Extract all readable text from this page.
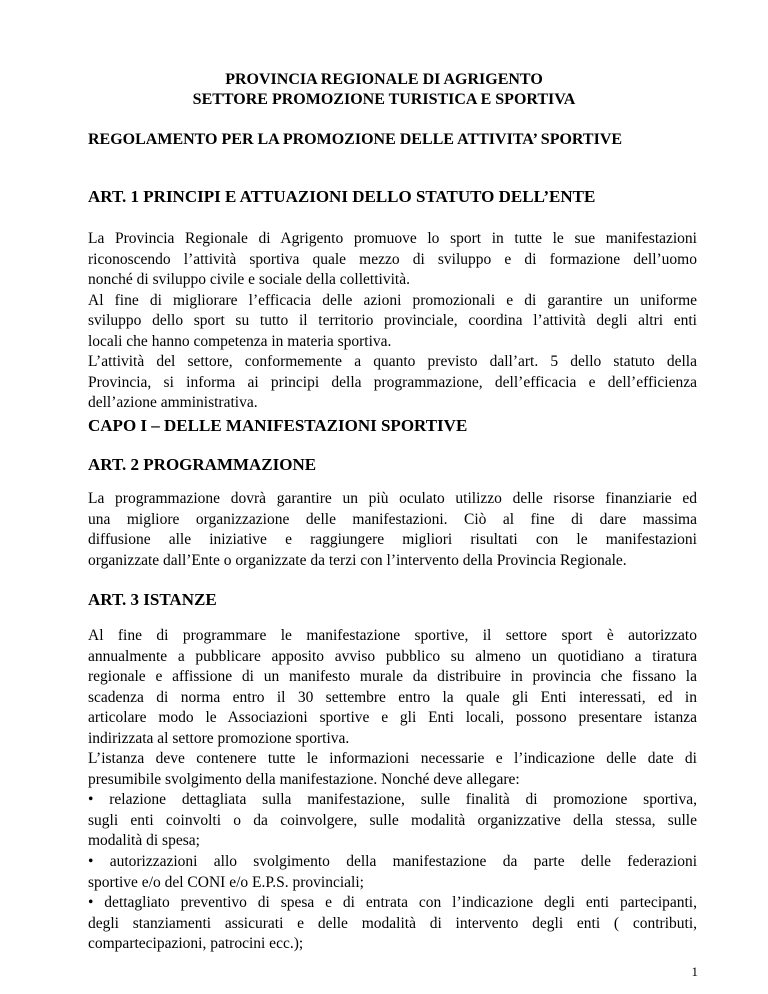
PROVINCIA REGIONALE DI AGRIGENTO
SETTORE PROMOZIONE TURISTICA E SPORTIVA
REGOLAMENTO PER LA PROMOZIONE DELLE ATTIVITA’ SPORTIVE
ART. 1 PRINCIPI E ATTUAZIONI DELLO STATUTO DELL’ENTE
La Provincia Regionale di Agrigento promuove lo sport in tutte le sue manifestazioni
riconoscendo l’attività sportiva quale mezzo di sviluppo e di formazione dell’uomo
nonché di sviluppo civile e sociale della collettività.
Al fine di migliorare l’efficacia delle azioni promozionali e di garantire un uniforme
sviluppo dello sport su tutto il territorio provinciale, coordina l’attività degli altri enti
locali che hanno competenza in materia sportiva.
L’attività del settore, conformemente a quanto previsto dall’art. 5 dello statuto della
Provincia, si informa ai principi della programmazione, dell’efficacia e dell’efficienza
dell’azione amministrativa.
CAPO I – DELLE MANIFESTAZIONI SPORTIVE
ART. 2 PROGRAMMAZIONE
La programmazione dovrà garantire un più oculato utilizzo delle risorse finanziarie ed
una migliore organizzazione delle manifestazioni. Ciò al fine di dare massima
diffusione alle iniziative e raggiungere migliori risultati con le manifestazioni
organizzate dall’Ente o organizzate da terzi con l’intervento della Provincia Regionale.
ART. 3 ISTANZE
Al fine di programmare le manifestazione sportive, il settore sport è autorizzato
annualmente a pubblicare apposito avviso pubblico su almeno un quotidiano a tiratura
regionale e affissione di un manifesto murale da distribuire in provincia che fissano la
scadenza di norma entro il 30 settembre entro la quale gli Enti interessati, ed in
articolare modo le Associazioni sportive e gli Enti locali, possono presentare istanza
indirizzata al settore promozione sportiva.
L’istanza deve contenere tutte le informazioni necessarie e l’indicazione delle date di
presumibile svolgimento della manifestazione. Nonché deve allegare:
• relazione dettagliata sulla manifestazione, sulle finalità di promozione sportiva,
sugli enti coinvolti o da coinvolgere, sulle modalità organizzative della stessa, sulle
modalità di spesa;
• autorizzazioni allo svolgimento della manifestazione da parte delle federazioni
sportive e/o del CONI e/o E.P.S. provinciali;
• dettagliato preventivo di spesa e di entrata con l’indicazione degli enti partecipanti,
degli stanziamenti assicurati e delle modalità di intervento degli enti ( contributi,
compartecipazioni, patrocini ecc.);
1
